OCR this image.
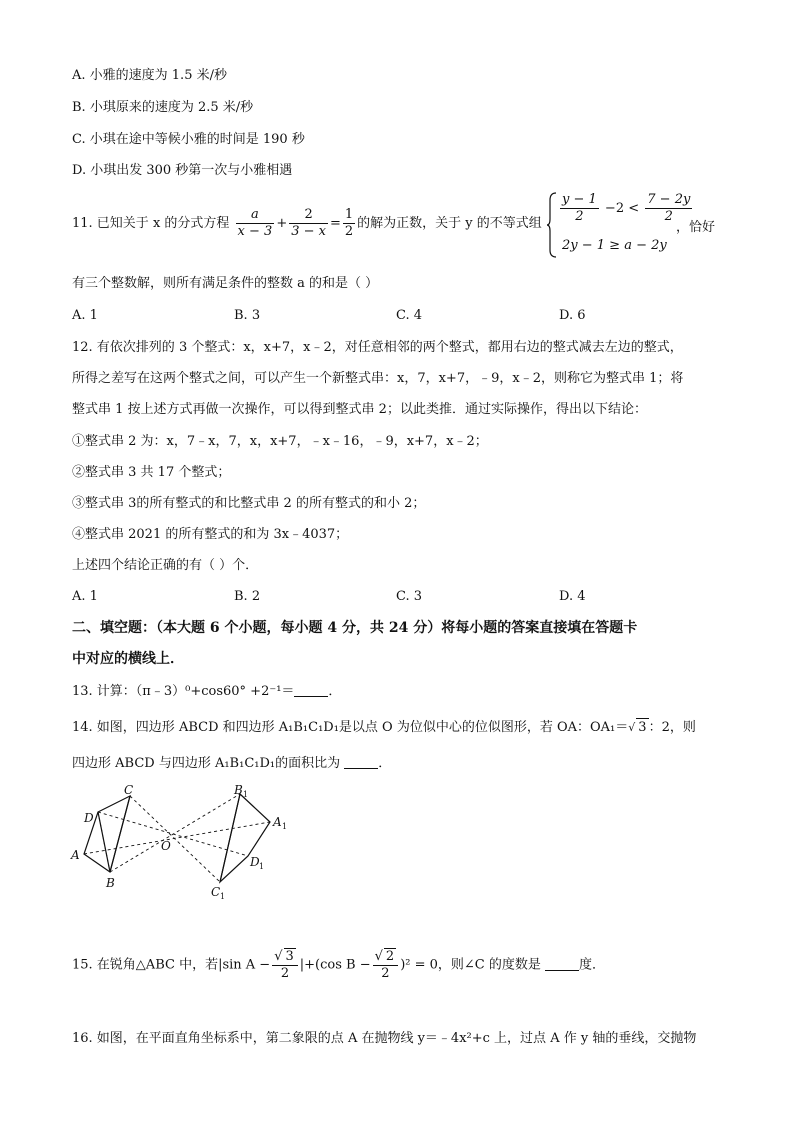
A. 小雅的速度为 1.5 米/秒
B. 小琪原来的速度为 2.5 米/秒
C. 小琪在途中等候小雅的时间是 190 秒
D. 小琪出发 300 秒第一次与小雅相遇
11. 已知关于 x 的分式方程 $\frac{a}{x - 3} + \frac{2}{3 - x} = \frac{1}{2}$ 的解为正数，关于 y 的不等式组 $\frac{y - 1}{2} -2 < \frac{7 - 2y}{2}$
2y − 1 ≥ a − 2y
，恰好
有三个整数解，则所有满足条件的整数 a 的和是（ ）
A. 1	B. 3	C. 4	D. 6
12. 有依次排列的 3 个整式：x，x+7，x﹣2，对任意相邻的两个整式，都用右边的整式减去左边的整式，
所得之差写在这两个整式之间，可以产生一个新整式串：x，7，x+7，﹣9，x﹣2，则称它为整式串 1；将
整式串 1 按上述方式再做一次操作，可以得到整式串 2；以此类推．通过实际操作，得出以下结论：
①整式串 2 为：x，7﹣x，7，x，x+7，﹣x﹣16，﹣9，x+7，x﹣2；
②整式串 3 共 17 个整式；
③整式串 3的所有整式的和比整式串 2 的所有整式的和小 2；
④整式串 2021 的所有整式的和为 3x﹣4037；
上述四个结论正确的有（ ）个．
A. 1	B. 2	C. 3	D. 4
二、填空题：（本大题 6 个小题，每小题 4 分，共 24 分）将每小题的答案直接填在答题卡
中对应的横线上．
13. 计算：（π﹣3）⁰+cos60° +2⁻¹＝	．
14. 如图，四边形 ABCD 和四边形 A₁B₁C₁D₁是以点 O 为位似中心的位似图形，若 OA：OA₁＝√ 3 ：2，则
四边形 ABCD 与四边形 A₁B₁C₁D₁的面积比为	．
C
D
A
B
O
B
A
D
C
1
1
1
1
15. 在锐角△ABC 中，若|sin $A - \frac{√ 3}{2} |+(\cos$ $B - \frac{√ 2}{2} )^2 = 0$，则∠C 的度数是	度．
16. 如图，在平面直角坐标系中，第二象限的点 A 在抛物线 y＝﹣4x²+c 上，过点 A 作 y 轴的垂线，交抛物
